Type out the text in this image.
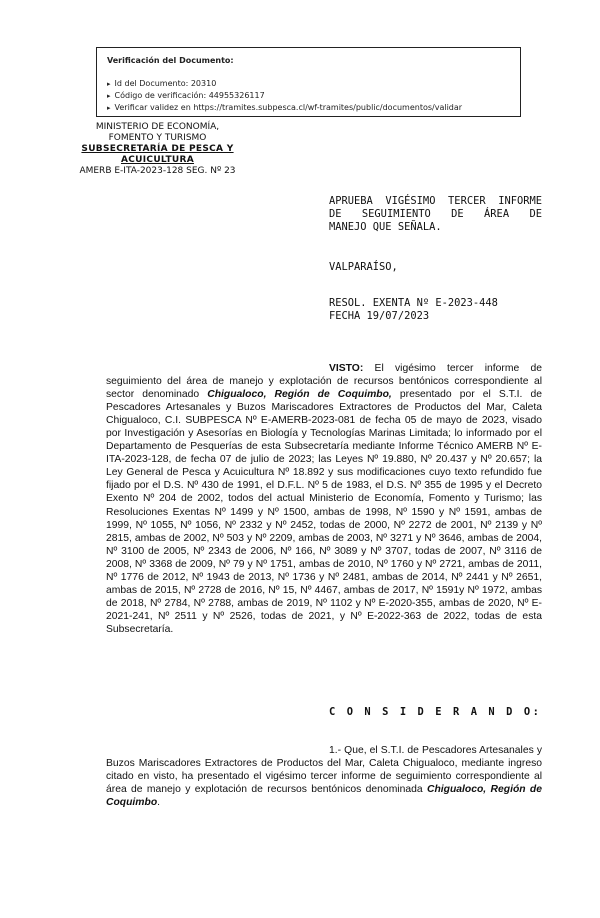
Verificación del Documento:
▸ Id del Documento: 20310
▸ Código de verificación: 44955326117
▸ Verificar validez en https://tramites.subpesca.cl/wf-tramites/public/documentos/validar
MINISTERIO DE ECONOMÍA,
FOMENTO Y TURISMO
SUBSECRETARÍA DE PESCA Y
ACUICULTURA
AMERB E-ITA-2023-128 SEG. Nº 23
APRUEBA VIGÉSIMO TERCER INFORME
DE SEGUIMIENTO DE ÁREA DE
MANEJO QUE SEÑALA.
VALPARAÍSO,
RESOL. EXENTA Nº E-2023-448
FECHA 19/07/2023
VISTO: El vigésimo tercer informe de seguimiento del área de manejo y explotación de recursos bentónicos correspondiente al sector denominado Chigualoco, Región de Coquimbo, presentado por el S.T.I. de Pescadores Artesanales y Buzos Mariscadores Extractores de Productos del Mar, Caleta Chigualoco, C.I. SUBPESCA Nº E-AMERB-2023-081 de fecha 05 de mayo de 2023, visado por Investigación y Asesorías en Biología y Tecnologías Marinas Limitada; lo informado por el Departamento de Pesquerías de esta Subsecretaría mediante Informe Técnico AMERB Nº E-ITA-2023-128, de fecha 07 de julio de 2023; las Leyes Nº 19.880, Nº 20.437 y Nº 20.657; la Ley General de Pesca y Acuicultura Nº 18.892 y sus modificaciones cuyo texto refundido fue fijado por el D.S. Nº 430 de 1991, el D.F.L. Nº 5 de 1983, el D.S. Nº 355 de 1995 y el Decreto Exento Nº 204 de 2002, todos del actual Ministerio de Economía, Fomento y Turismo; las Resoluciones Exentas Nº 1499 y Nº 1500, ambas de 1998, Nº 1590 y Nº 1591, ambas de 1999, Nº 1055, Nº 1056, Nº 2332 y Nº 2452, todas de 2000, Nº 2272 de 2001, Nº 2139 y Nº 2815, ambas de 2002, Nº 503 y Nº 2209, ambas de 2003, Nº 3271 y Nº 3646, ambas de 2004, Nº 3100 de 2005, Nº 2343 de 2006, Nº 166, Nº 3089 y Nº 3707, todas de 2007, Nº 3116 de 2008, Nº 3368 de 2009, Nº 79 y Nº 1751, ambas de 2010, Nº 1760 y Nº 2721, ambas de 2011, Nº 1776 de 2012, Nº 1943 de 2013, Nº 1736 y Nº 2481, ambas de 2014, Nº 2441 y Nº 2651, ambas de 2015, Nº 2728 de 2016, Nº 15, Nº 4467, ambas de 2017, Nº 1591y Nº 1972, ambas de 2018, Nº 2784, Nº 2788, ambas de 2019, Nº 1102 y Nº E-2020-355, ambas de 2020, Nº E-2021-241, Nº 2511 y Nº 2526, todas de 2021, y Nº E-2022-363 de 2022, todas de esta Subsecretaría.
C O N S I D E R A N D O:
1.- Que, el S.T.I. de Pescadores Artesanales y Buzos Mariscadores Extractores de Productos del Mar, Caleta Chigualoco, mediante ingreso citado en visto, ha presentado el vigésimo tercer informe de seguimiento correspondiente al área de manejo y explotación de recursos bentónicos denominada Chigualoco, Región de Coquimbo.
